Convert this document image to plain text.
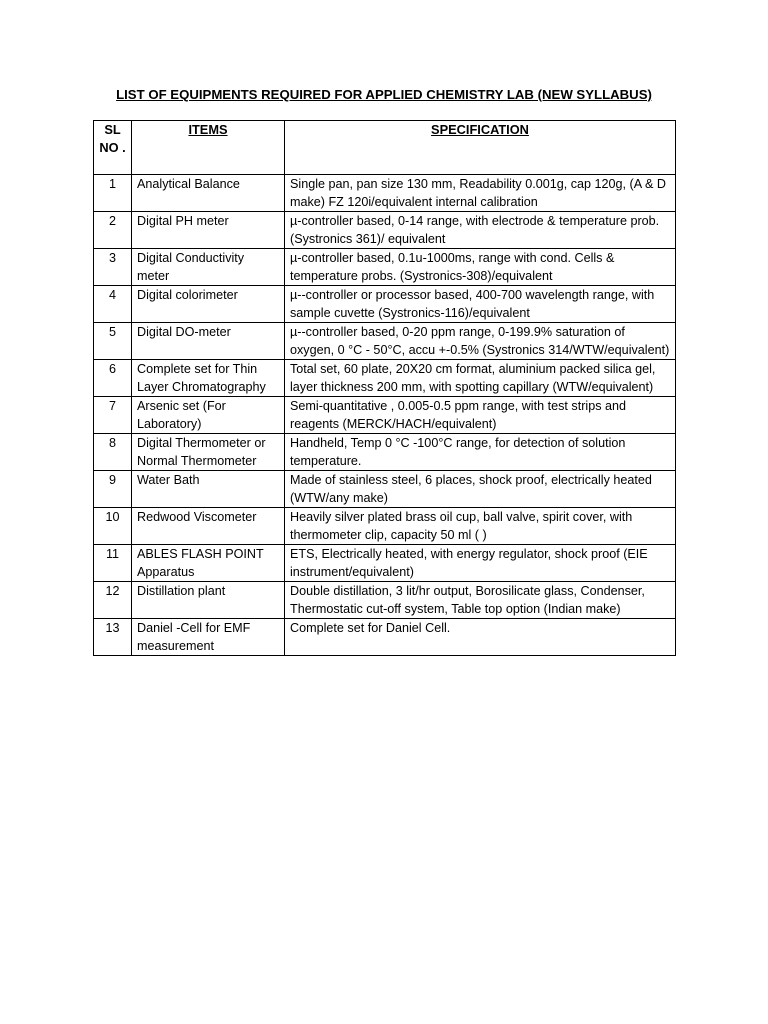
LIST OF EQUIPMENTS REQUIRED FOR APPLIED CHEMISTRY LAB (NEW SYLLABUS)
SL NO .	ITEMS	SPECIFICATION
1	Analytical Balance	Single pan, pan size 130 mm, Readability 0.001g, cap 120g, (A & D make) FZ 120i/equivalent internal calibration
2	Digital PH meter	µ-controller based, 0-14 range, with electrode & temperature prob. (Systronics 361)/ equivalent
3	Digital Conductivity meter	µ-controller based, 0.1u-1000ms, range with cond. Cells & temperature probs. (Systronics-308)/equivalent
4	Digital colorimeter	µ--controller or processor based, 400-700 wavelength range, with sample cuvette (Systronics-116)/equivalent
5	Digital DO-meter	µ--controller based, 0-20 ppm range, 0-199.9% saturation of oxygen, 0 °C - 50°C, accu +-0.5% (Systronics 314/WTW/equivalent)
6	Complete set for Thin Layer Chromatography	Total set, 60 plate, 20X20 cm format, aluminium packed silica gel, layer thickness 200 mm, with spotting capillary (WTW/equivalent)
7	Arsenic set (For Laboratory)	Semi-quantitative , 0.005-0.5 ppm range, with test strips and reagents (MERCK/HACH/equivalent)
8	Digital Thermometer or Normal Thermometer	Handheld, Temp 0 °C -100°C range, for detection of solution temperature.
9	Water Bath	Made of stainless steel, 6 places, shock proof, electrically heated (WTW/any make)
10	Redwood Viscometer	Heavily silver plated brass oil cup, ball valve, spirit cover, with thermometer clip, capacity 50 ml ( )
11	ABLES FLASH POINT Apparatus	ETS, Electrically heated, with energy regulator, shock proof (EIE instrument/equivalent)
12	Distillation plant	Double distillation, 3 lit/hr output, Borosilicate glass, Condenser, Thermostatic cut-off system, Table top option (Indian make)
13	Daniel -Cell for EMF measurement	Complete set for Daniel Cell.
